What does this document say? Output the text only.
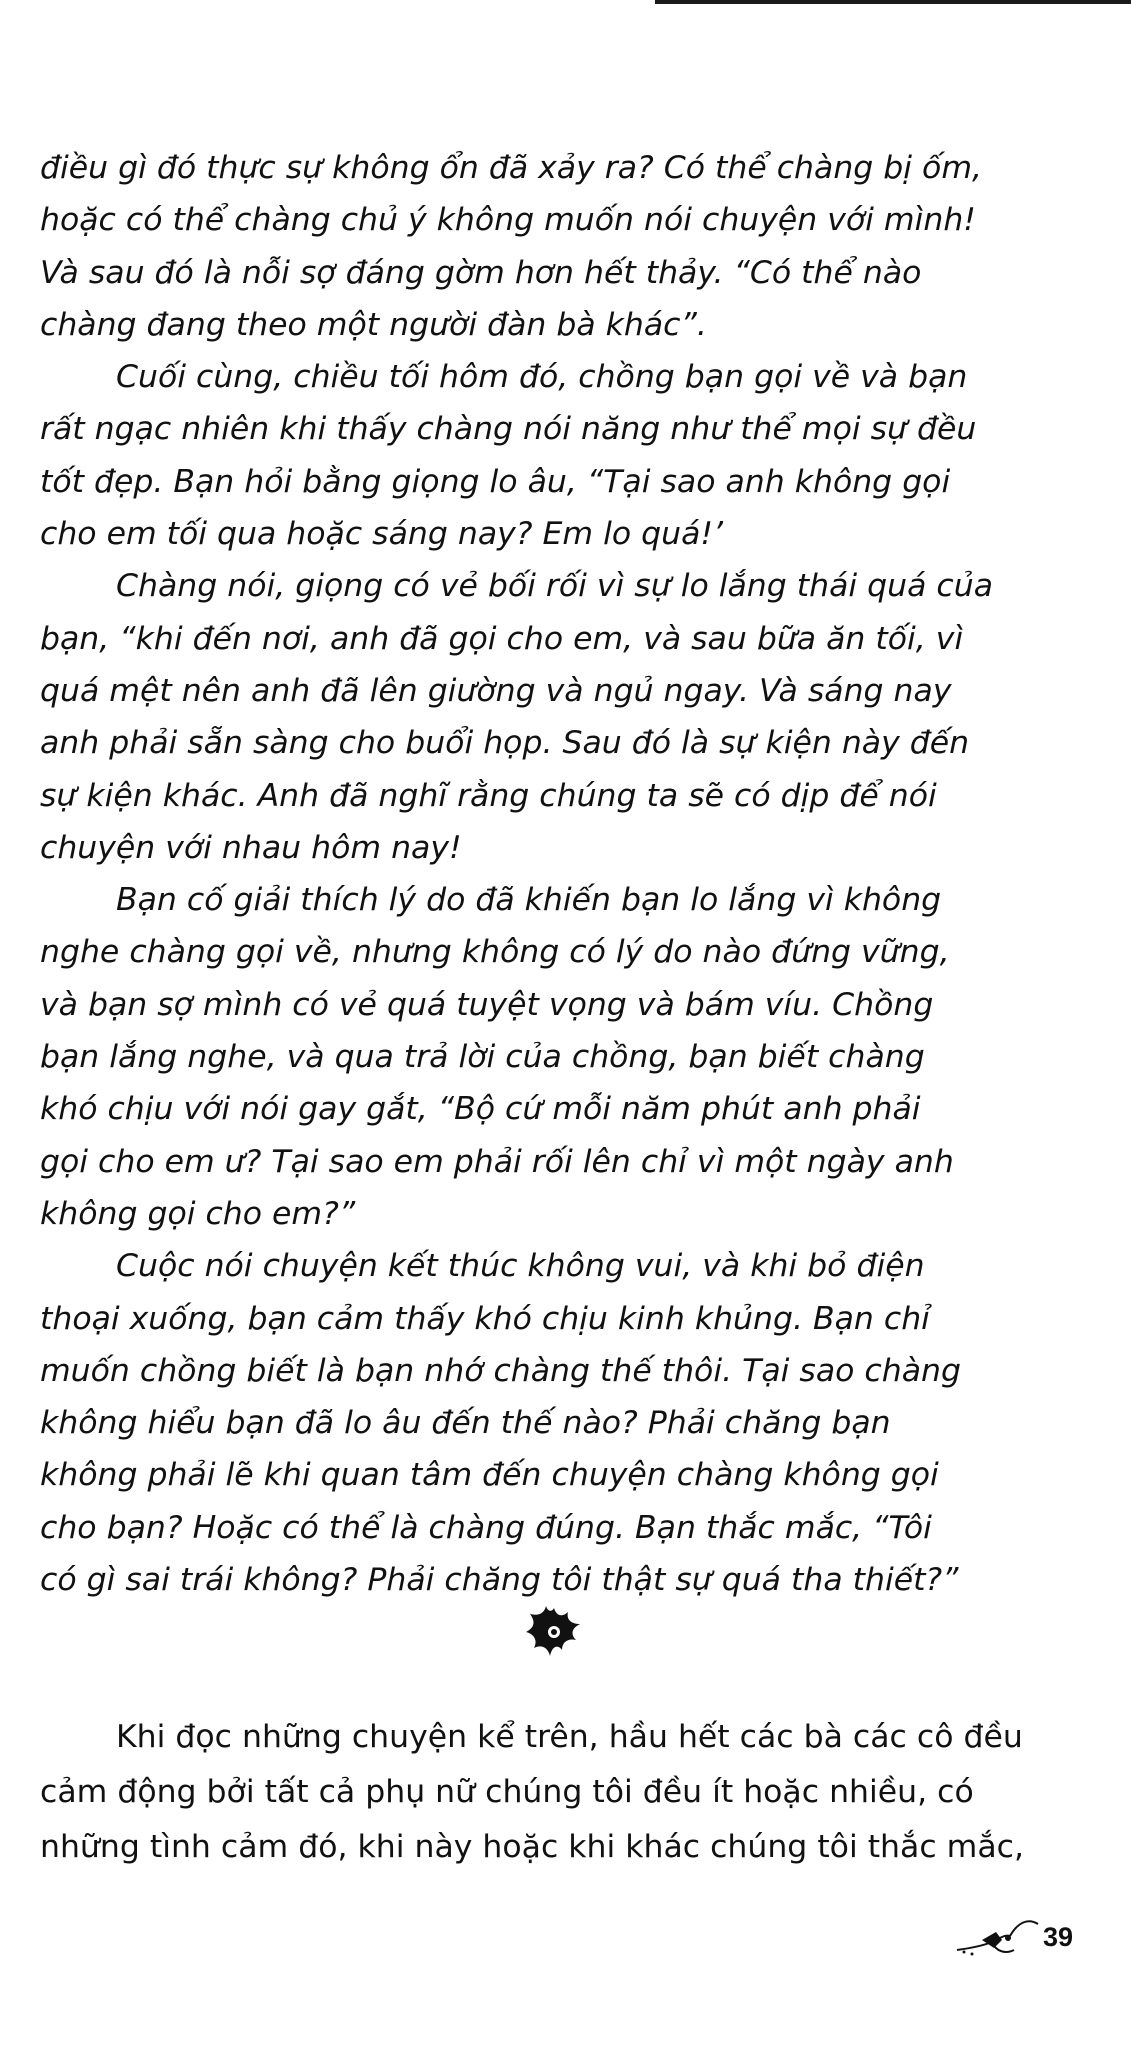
điều gì đó thực sự không ổn đã xảy ra? Có thể chàng bị ốm,
hoặc có thể chàng chủ ý không muốn nói chuyện với mình!
Và sau đó là nỗi sợ đáng gờm hơn hết thảy. “Có thể nào
chàng đang theo một người đàn bà khác”.
Cuối cùng, chiều tối hôm đó, chồng bạn gọi về và bạn
rất ngạc nhiên khi thấy chàng nói năng như thể mọi sự đều
tốt đẹp. Bạn hỏi bằng giọng lo âu, “Tại sao anh không gọi
cho em tối qua hoặc sáng nay? Em lo quá!’
Chàng nói, giọng có vẻ bối rối vì sự lo lắng thái quá của
bạn, “khi đến nơi, anh đã gọi cho em, và sau bữa ăn tối, vì
quá mệt nên anh đã lên giường và ngủ ngay. Và sáng nay
anh phải sẵn sàng cho buổi họp. Sau đó là sự kiện này đến
sự kiện khác. Anh đã nghĩ rằng chúng ta sẽ có dịp để nói
chuyện với nhau hôm nay!
Bạn cố giải thích lý do đã khiến bạn lo lắng vì không
nghe chàng gọi về, nhưng không có lý do nào đứng vững,
và bạn sợ mình có vẻ quá tuyệt vọng và bám víu. Chồng
bạn lắng nghe, và qua trả lời của chồng, bạn biết chàng
khó chịu với nói gay gắt, “Bộ cứ mỗi năm phút anh phải
gọi cho em ư? Tại sao em phải rối lên chỉ vì một ngày anh
không gọi cho em?”
Cuộc nói chuyện kết thúc không vui, và khi bỏ điện
thoại xuống, bạn cảm thấy khó chịu kinh khủng. Bạn chỉ
muốn chồng biết là bạn nhớ chàng thế thôi. Tại sao chàng
không hiểu bạn đã lo âu đến thế nào? Phải chăng bạn
không phải lẽ khi quan tâm đến chuyện chàng không gọi
cho bạn? Hoặc có thể là chàng đúng. Bạn thắc mắc, “Tôi
có gì sai trái không? Phải chăng tôi thật sự quá tha thiết?”
Khi đọc những chuyện kể trên, hầu hết các bà các cô đều
cảm động bởi tất cả phụ nữ chúng tôi đều ít hoặc nhiều, có
những tình cảm đó, khi này hoặc khi khác chúng tôi thắc mắc,
39
